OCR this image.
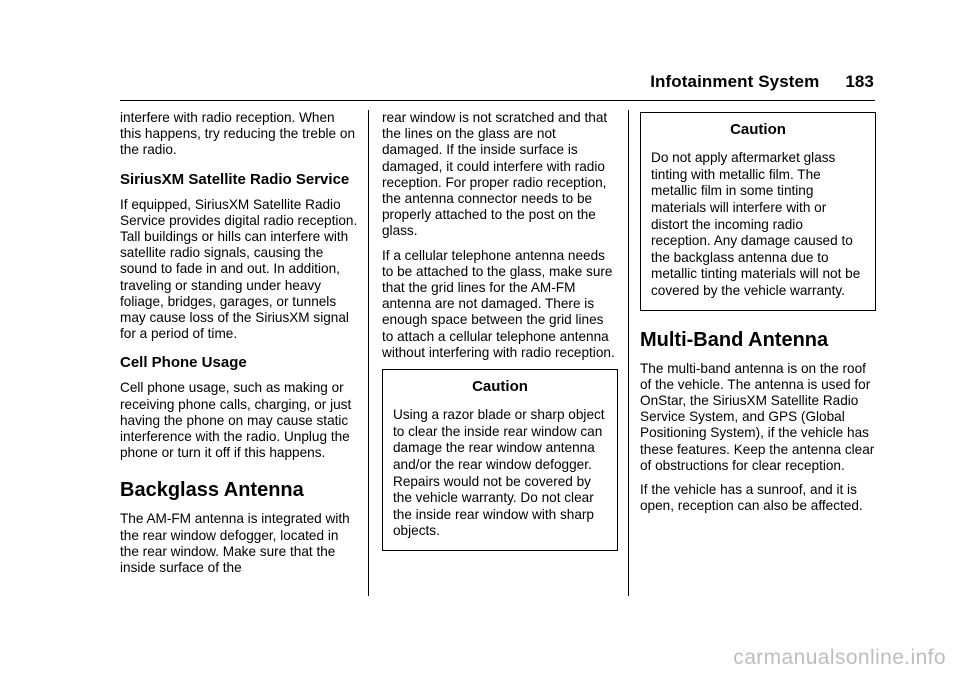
Infotainment System 183

interfere with radio reception. When this happens, try reducing the treble on the radio.

SiriusXM Satellite Radio Service

If equipped, SiriusXM Satellite Radio Service provides digital radio reception. Tall buildings or hills can interfere with satellite radio signals, causing the sound to fade in and out. In addition, traveling or standing under heavy foliage, bridges, garages, or tunnels may cause loss of the SiriusXM signal for a period of time.

Cell Phone Usage

Cell phone usage, such as making or receiving phone calls, charging, or just having the phone on may cause static interference with the radio. Unplug the phone or turn it off if this happens.

Backglass Antenna

The AM-FM antenna is integrated with the rear window defogger, located in the rear window. Make sure that the inside surface of the

rear window is not scratched and that the lines on the glass are not damaged. If the inside surface is damaged, it could interfere with radio reception. For proper radio reception, the antenna connector needs to be properly attached to the post on the glass.

If a cellular telephone antenna needs to be attached to the glass, make sure that the grid lines for the AM-FM antenna are not damaged. There is enough space between the grid lines to attach a cellular telephone antenna without interfering with radio reception.

Caution

Using a razor blade or sharp object to clear the inside rear window can damage the rear window antenna and/or the rear window defogger. Repairs would not be covered by the vehicle warranty. Do not clear the inside rear window with sharp objects.

Caution

Do not apply aftermarket glass tinting with metallic film. The metallic film in some tinting materials will interfere with or distort the incoming radio reception. Any damage caused to the backglass antenna due to metallic tinting materials will not be covered by the vehicle warranty.

Multi-Band Antenna

The multi-band antenna is on the roof of the vehicle. The antenna is used for OnStar, the SiriusXM Satellite Radio Service System, and GPS (Global Positioning System), if the vehicle has these features. Keep the antenna clear of obstructions for clear reception.

If the vehicle has a sunroof, and it is open, reception can also be affected.

carmanualsonline.info
